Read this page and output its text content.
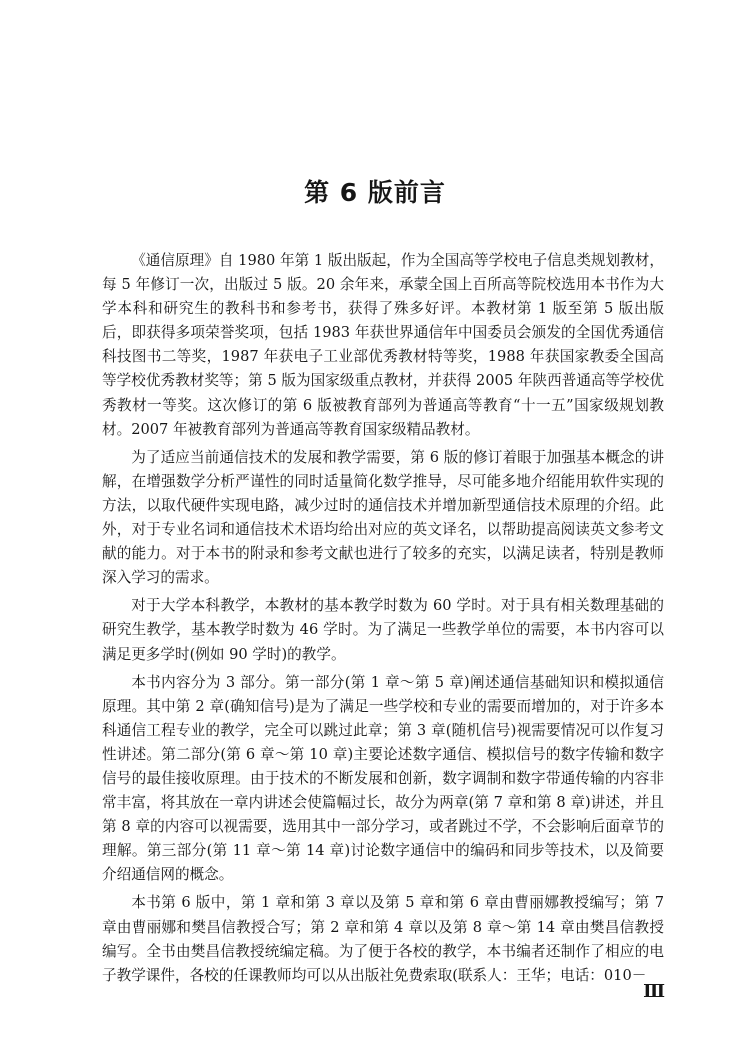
第 6 版前言

《通信原理》自 1980 年第 1 版出版起，作为全国高等学校电子信息类规划教材，每 5 年修订一次，出版过 5 版。20 余年来，承蒙全国上百所高等院校选用本书作为大学本科和研究生的教科书和参考书，获得了殊多好评。本教材第 1 版至第 5 版出版后，即获得多项荣誉奖项，包括 1983 年获世界通信年中国委员会颁发的全国优秀通信科技图书二等奖，1987 年获电子工业部优秀教材特等奖，1988 年获国家教委全国高等学校优秀教材奖等；第 5 版为国家级重点教材，并获得 2005 年陕西普通高等学校优秀教材一等奖。这次修订的第 6 版被教育部列为普通高等教育“十一五”国家级规划教材。2007 年被教育部列为普通高等教育国家级精品教材。

为了适应当前通信技术的发展和教学需要，第 6 版的修订着眼于加强基本概念的讲解，在增强数学分析严谨性的同时适量简化数学推导，尽可能多地介绍能用软件实现的方法，以取代硬件实现电路，减少过时的通信技术并增加新型通信技术原理的介绍。此外，对于专业名词和通信技术术语均给出对应的英文译名，以帮助提高阅读英文参考文献的能力。对于本书的附录和参考文献也进行了较多的充实，以满足读者，特别是教师深入学习的需求。

对于大学本科教学，本教材的基本教学时数为 60 学时。对于具有相关数理基础的研究生教学，基本教学时数为 46 学时。为了满足一些教学单位的需要，本书内容可以满足更多学时(例如 90 学时)的教学。

本书内容分为 3 部分。第一部分(第 1 章～第 5 章)阐述通信基础知识和模拟通信原理。其中第 2 章(确知信号)是为了满足一些学校和专业的需要而增加的，对于许多本科通信工程专业的教学，完全可以跳过此章；第 3 章(随机信号)视需要情况可以作复习性讲述。第二部分(第 6 章～第 10 章)主要论述数字通信、模拟信号的数字传输和数字信号的最佳接收原理。由于技术的不断发展和创新，数字调制和数字带通传输的内容非常丰富，将其放在一章内讲述会使篇幅过长，故分为两章(第 7 章和第 8 章)讲述，并且第 8 章的内容可以视需要，选用其中一部分学习，或者跳过不学，不会影响后面章节的理解。第三部分(第 11 章～第 14 章)讨论数字通信中的编码和同步等技术，以及简要介绍通信网的概念。

本书第 6 版中，第 1 章和第 3 章以及第 5 章和第 6 章由曹丽娜教授编写；第 7 章由曹丽娜和樊昌信教授合写；第 2 章和第 4 章以及第 8 章～第 14 章由樊昌信教授编写。全书由樊昌信教授统编定稿。为了便于各校的教学，本书编者还制作了相应的电子教学课件，各校的任课教师均可以从出版社免费索取(联系人：王华；电话：010－

Ⅲ
